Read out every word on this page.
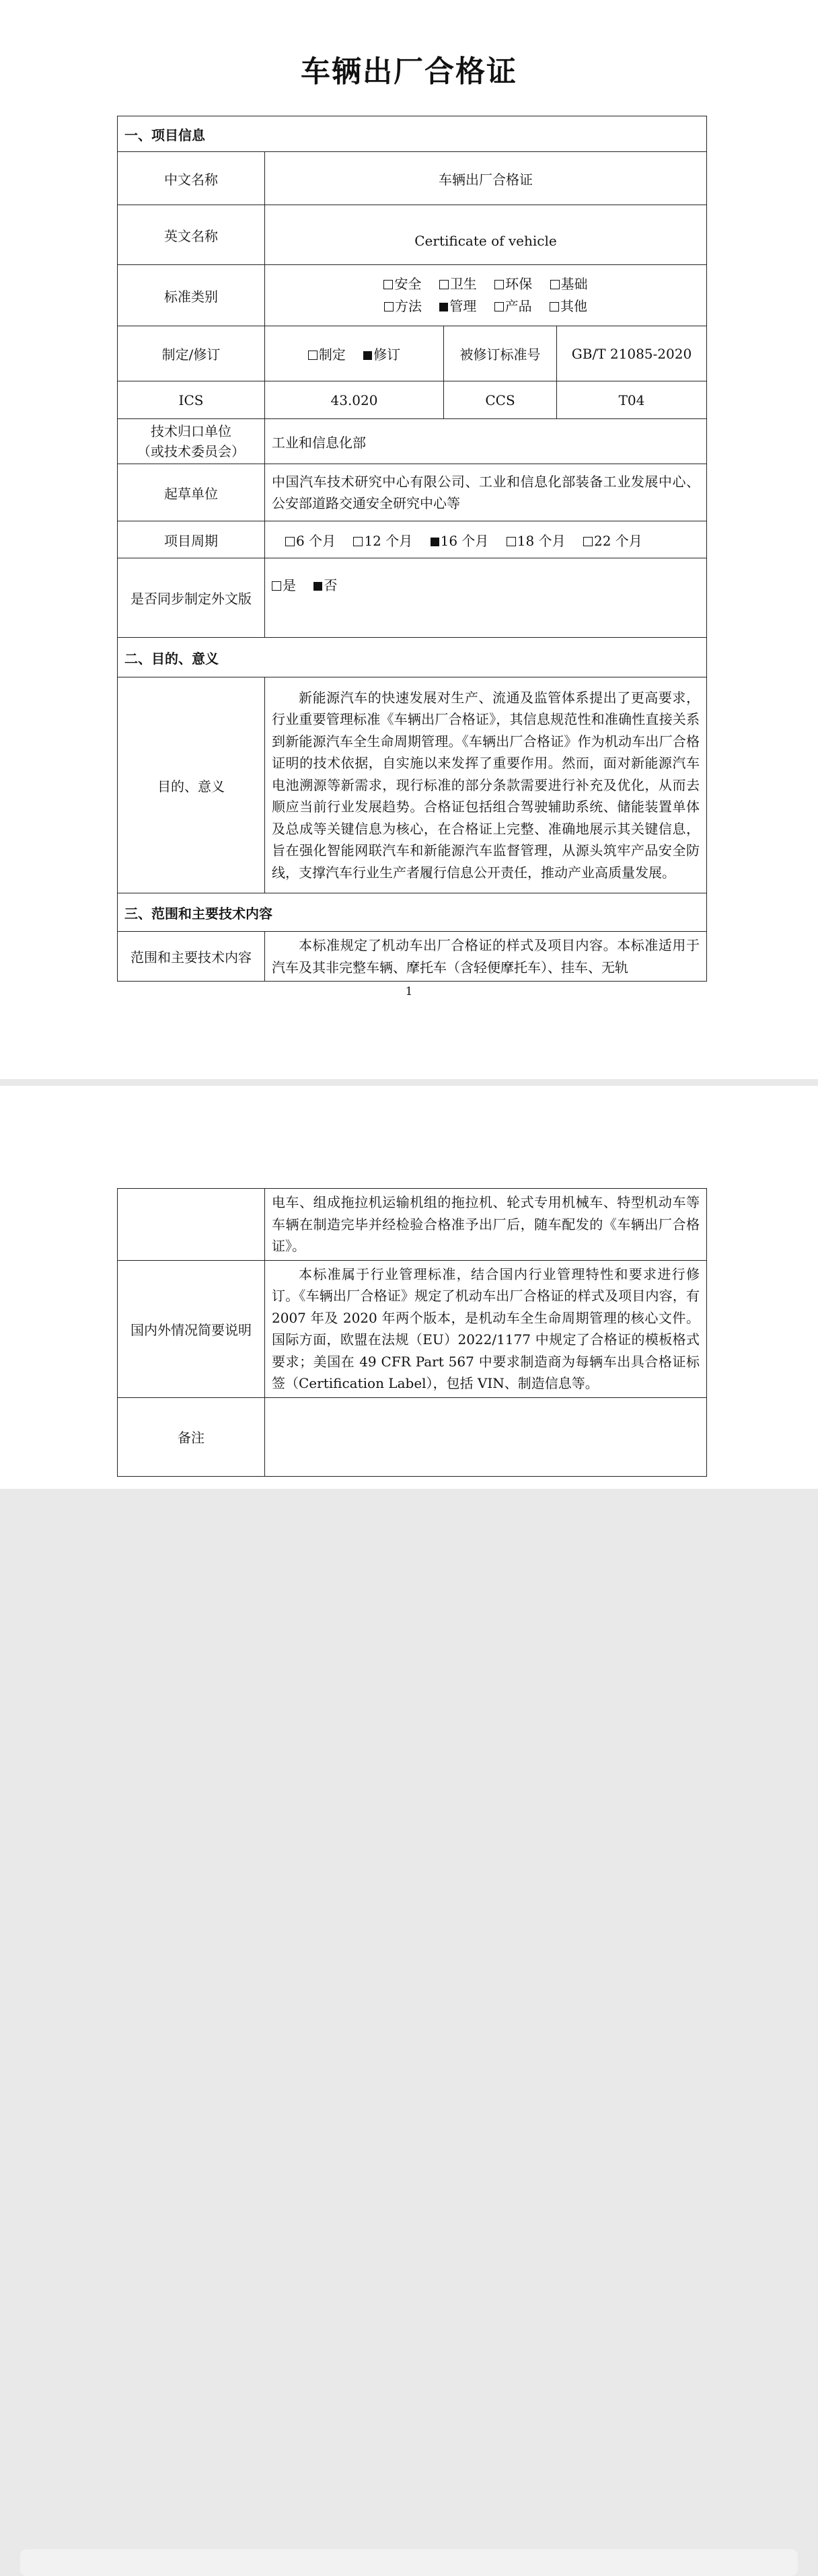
车辆出厂合格证
一、项目信息			
中文名称	车辆出厂合格证		
英文名称	Certificate of vehicle		
标准类别	安全 卫生 环保 基础
方法 管理 产品 其他		

制定/修订	制定 修订	被修订标准号	GB/T 21085-2020
ICS	43.020	CCS	T04

技术归口单位
（或技术委员会）	工业和信息化部		
起草单位	中国汽车技术研究中心有限公司、工业和信息化部装备工业发展中心、公安部道路交通安全研究中心等		
项目周期	6 个月 12 个月 16 个月 18 个月 22 个月		
是否同步制定外文版	是 否		
二、目的、意义			
目的、意义	新能源汽车的快速发展对生产、流通及监管体系提出了更高要求，行业重要管理标准《车辆出厂合格证》，其信息规范性和准确性直接关系到新能源汽车全生命周期管理。《车辆出厂合格证》作为机动车出厂合格证明的技术依据，自实施以来发挥了重要作用。然而，面对新能源汽车电池溯源等新需求，现行标准的部分条款需要进行补充及优化，从而去顺应当前行业发展趋势。合格证包括组合驾驶辅助系统、储能装置单体及总成等关键信息为核心，在合格证上完整、准确地展示其关键信息，旨在强化智能网联汽车和新能源汽车监督管理，从源头筑牢产品安全防线，支撑汽车行业生产者履行信息公开责任，推动产业高质量发展。		
三、范围和主要技术内容			
范围和主要技术内容	本标准规定了机动车出厂合格证的样式及项目内容。本标准适用于汽车及其非完整车辆、摩托车（含轻便摩托车）、挂车、无轨		
1
	电车、组成拖拉机运输机组的拖拉机、轮式专用机械车、特型机动车等车辆在制造完毕并经检验合格准予出厂后，随车配发的《车辆出厂合格证》。
国内外情况简要说明	本标准属于行业管理标准，结合国内行业管理特性和要求进行修订。《车辆出厂合格证》规定了机动车出厂合格证的样式及项目内容，有 2007 年及 2020 年两个版本，是机动车全生命周期管理的核心文件。 国际方面，欧盟在法规（EU）2022/1177 中规定了合格证的模板格式要求；美国在 49 CFR Part 567 中要求制造商为每辆车出具合格证标签（Certification Label），包括 VIN、制造信息等。
备注	
